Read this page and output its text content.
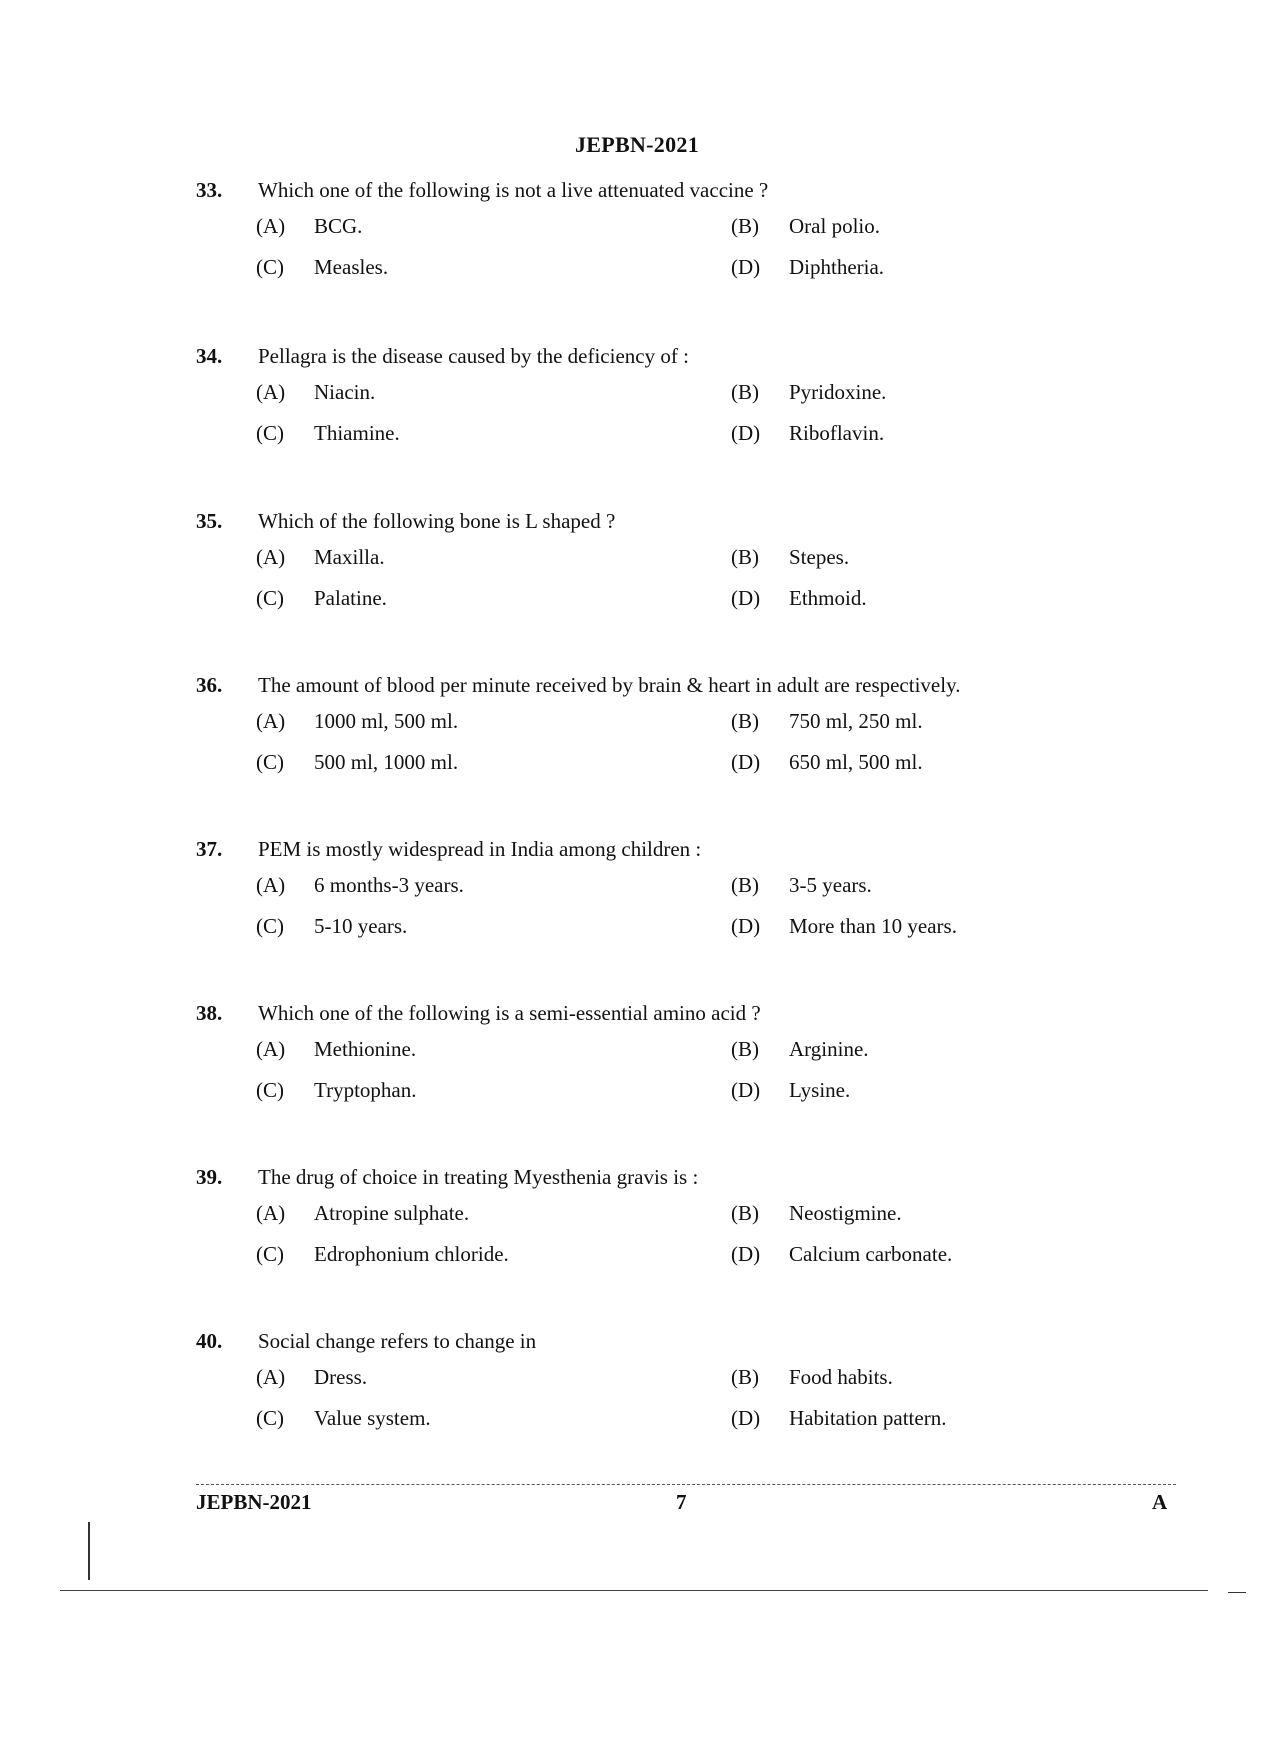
JEPBN-2021
33. Which one of the following is not a live attenuated vaccine ?
(A) BCG.	(B) Oral polio.
(C) Measles.	(D) Diphtheria.
34. Pellagra is the disease caused by the deficiency of :
(A) Niacin.	(B) Pyridoxine.
(C) Thiamine.	(D) Riboflavin.
35. Which of the following bone is L shaped ?
(A) Maxilla.	(B) Stepes.
(C) Palatine.	(D) Ethmoid.
36. The amount of blood per minute received by brain & heart in adult are respectively.
(A) 1000 ml, 500 ml.	(B) 750 ml, 250 ml.
(C) 500 ml, 1000 ml.	(D) 650 ml, 500 ml.
37. PEM is mostly widespread in India among children :
(A) 6 months-3 years.	(B) 3-5 years.
(C) 5-10 years.	(D) More than 10 years.
38. Which one of the following is a semi-essential amino acid ?
(A) Methionine.	(B) Arginine.
(C) Tryptophan.	(D) Lysine.
39. The drug of choice in treating Myesthenia gravis is :
(A) Atropine sulphate.	(B) Neostigmine.
(C) Edrophonium chloride.	(D) Calcium carbonate.
40. Social change refers to change in
(A) Dress.	(B) Food habits.
(C) Value system.	(D) Habitation pattern.
JEPBN-2021	7	A
